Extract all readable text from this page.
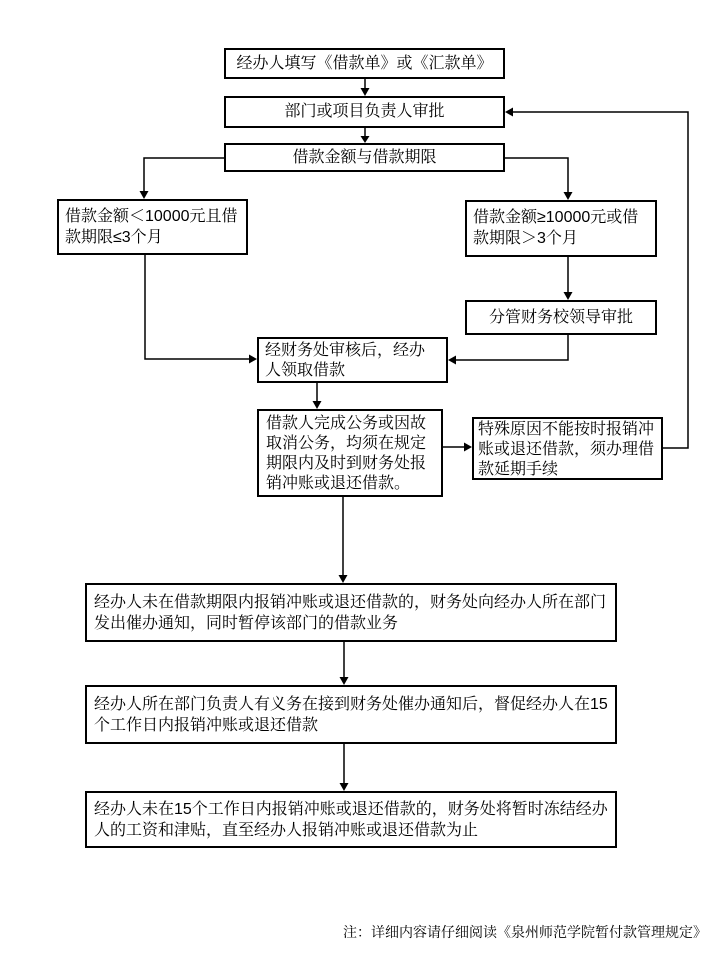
经办人填写《借款单》或《汇款单》
部门或项目负责人审批
借款金额与借款期限
借款金额＜10000元且借款期限≤3个月
借款金额≥10000元或借款期限＞3个月
分管财务校领导审批
经财务处审核后，经办人领取借款
借款人完成公务或因故取消公务，均须在规定期限内及时到财务处报销冲账或退还借款。
特殊原因不能按时报销冲账或退还借款，须办理借款延期手续
经办人未在借款期限内报销冲账或退还借款的，财务处向经办人所在部门发出催办通知，同时暂停该部门的借款业务
经办人所在部门负责人有义务在接到财务处催办通知后，督促经办人在15个工作日内报销冲账或退还借款
经办人未在15个工作日内报销冲账或退还借款的，财务处将暂时冻结经办人的工资和津贴，直至经办人报销冲账或退还借款为止
注：详细内容请仔细阅读《泉州师范学院暂付款管理规定》
